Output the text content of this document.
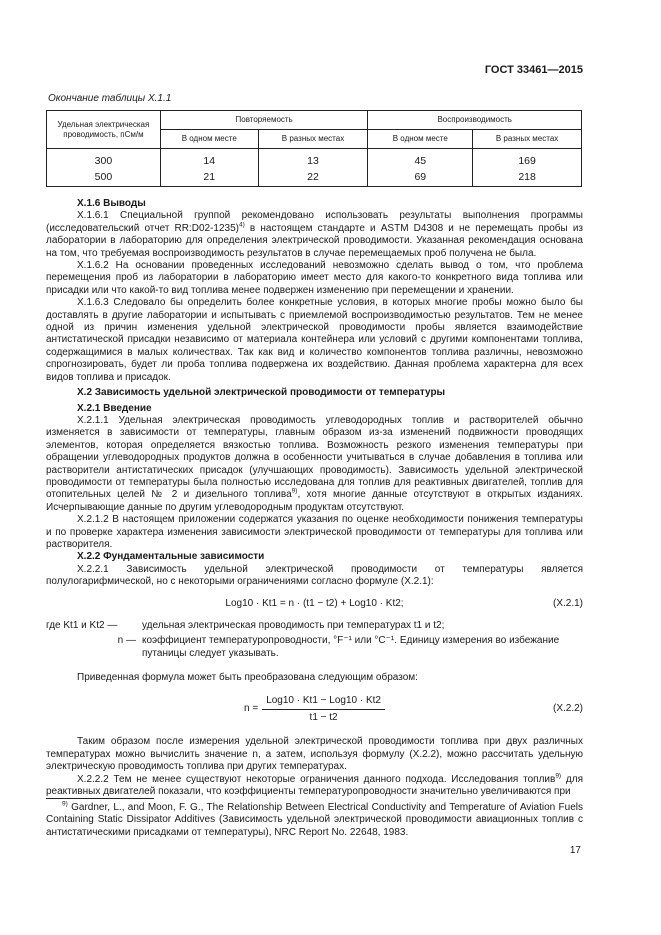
ГОСТ 33461—2015
Окончание таблицы Х.1.1
Удельная электрическая проводимость, пСм/м	Повторяемость		Воспроизводимость	
	В одном месте	В разных местах	В одном месте	В разных местах
300	14	13	45	169
500	21	22	69	218
Х.1.6 Выводы

Х.1.6.1 Специальной группой рекомендовано использовать результаты выполнения программы (исследовательский отчет RR:D02-1235)$^{4)}$ в настоящем стандарте и ASTM D4308 и не перемещать пробы из лаборатории в лабораторию для определения электрической проводимости. Указанная рекомендация основана на том, что требуемая воспроизводимость результатов в случае перемещаемых проб получена не была.

Х.1.6.2 На основании проведенных исследований невозможно сделать вывод о том, что проблема перемещения проб из лаборатории в лабораторию имеет место для какого-то конкретного вида топлива или присадки или что какой-то вид топлива менее подвержен изменению при перемещении и хранении.

Х.1.6.3 Следовало бы определить более конкретные условия, в которых многие пробы можно было бы доставлять в другие лаборатории и испытывать с приемлемой воспроизводимостью результатов. Тем не менее одной из причин изменения удельной электрической проводимости пробы является взаимодействие антистатической присадки независимо от материала контейнера или условий с другими компонентами топлива, содержащимися в малых количествах. Так как вид и количество компонентов топлива различны, невозможно спрогнозировать, будет ли проба топлива подвержена их воздействию. Данная проблема характерна для всех видов топлива и присадок.

Х.2 Зависимость удельной электрической проводимости от температуры
Х.2.1 Введение

Х.2.1.1 Удельная электрическая проводимость углеводородных топлив и растворителей обычно изменяется в зависимости от температуры, главным образом из-за изменений подвижности проводящих элементов, которая определяется вязкостью топлива. Возможность резкого изменения температуры при обращении углеводородных продуктов должна в особенности учитываться в случае добавления в топлива или растворители антистатических присадок (улучшающих проводимость). Зависимость удельной электрической проводимости от температуры была полностью исследована для топлив для реактивных двигателей, топлив для отопительных целей № 2 и дизельного топлива$^{9)}$, хотя многие данные отсутствуют в открытых изданиях. Исчерпывающие данные по другим углеводородным продуктам отсутствуют.

Х.2.1.2 В настоящем приложении содержатся указания по оценке необходимости понижения температуры и по проверке характера изменения зависимости электрической проводимости от температуры для топлива или растворителя.

Х.2.2 Фундаментальные зависимости

Х.2.2.1 Зависимость удельной электрической проводимости от температуры является полулогарифмической, но с некоторыми ограничениями согласно формуле (Х.2.1):

Log10 · Kt1 = n · (t1 − t2) + Log10 · Kt2;	(Х.2.1)
где Kt1 и Kt2 —	удельная электрическая проводимость при температурах t1 и t2;
n — коэффициент температуропроводности, °F⁻¹ или °C⁻¹. Единицу измерения во избежание путаницы следует указывать.

Приведенная формула может быть преобразована следующим образом:

$n = \frac{\text{Log10 · Kt1 − Log10 · Kt2}}{t1 - t2}$	(Х.2.2)

Таким образом после измерения удельной электрической проводимости топлива при двух различных температурах можно вычислить значение n, а затем, используя формулу (Х.2.2), можно рассчитать удельную электрическую проводимость топлива при других температурах.

Х.2.2.2 Тем не менее существуют некоторые ограничения данного подхода. Исследования топлив$^{9)}$ для реактивных двигателей показали, что коэффициенты температуропроводности значительно увеличиваются при

$^{9)}$ Gardner, L., and Moon, F. G., The Relationship Between Electrical Conductivity and Temperature of Aviation Fuels Containing Static Dissipator Additives (Зависимость удельной электрической проводимости авиационных топлив с антистатическими присадками от температуры), NRC Report No. 22648, 1983.
17
